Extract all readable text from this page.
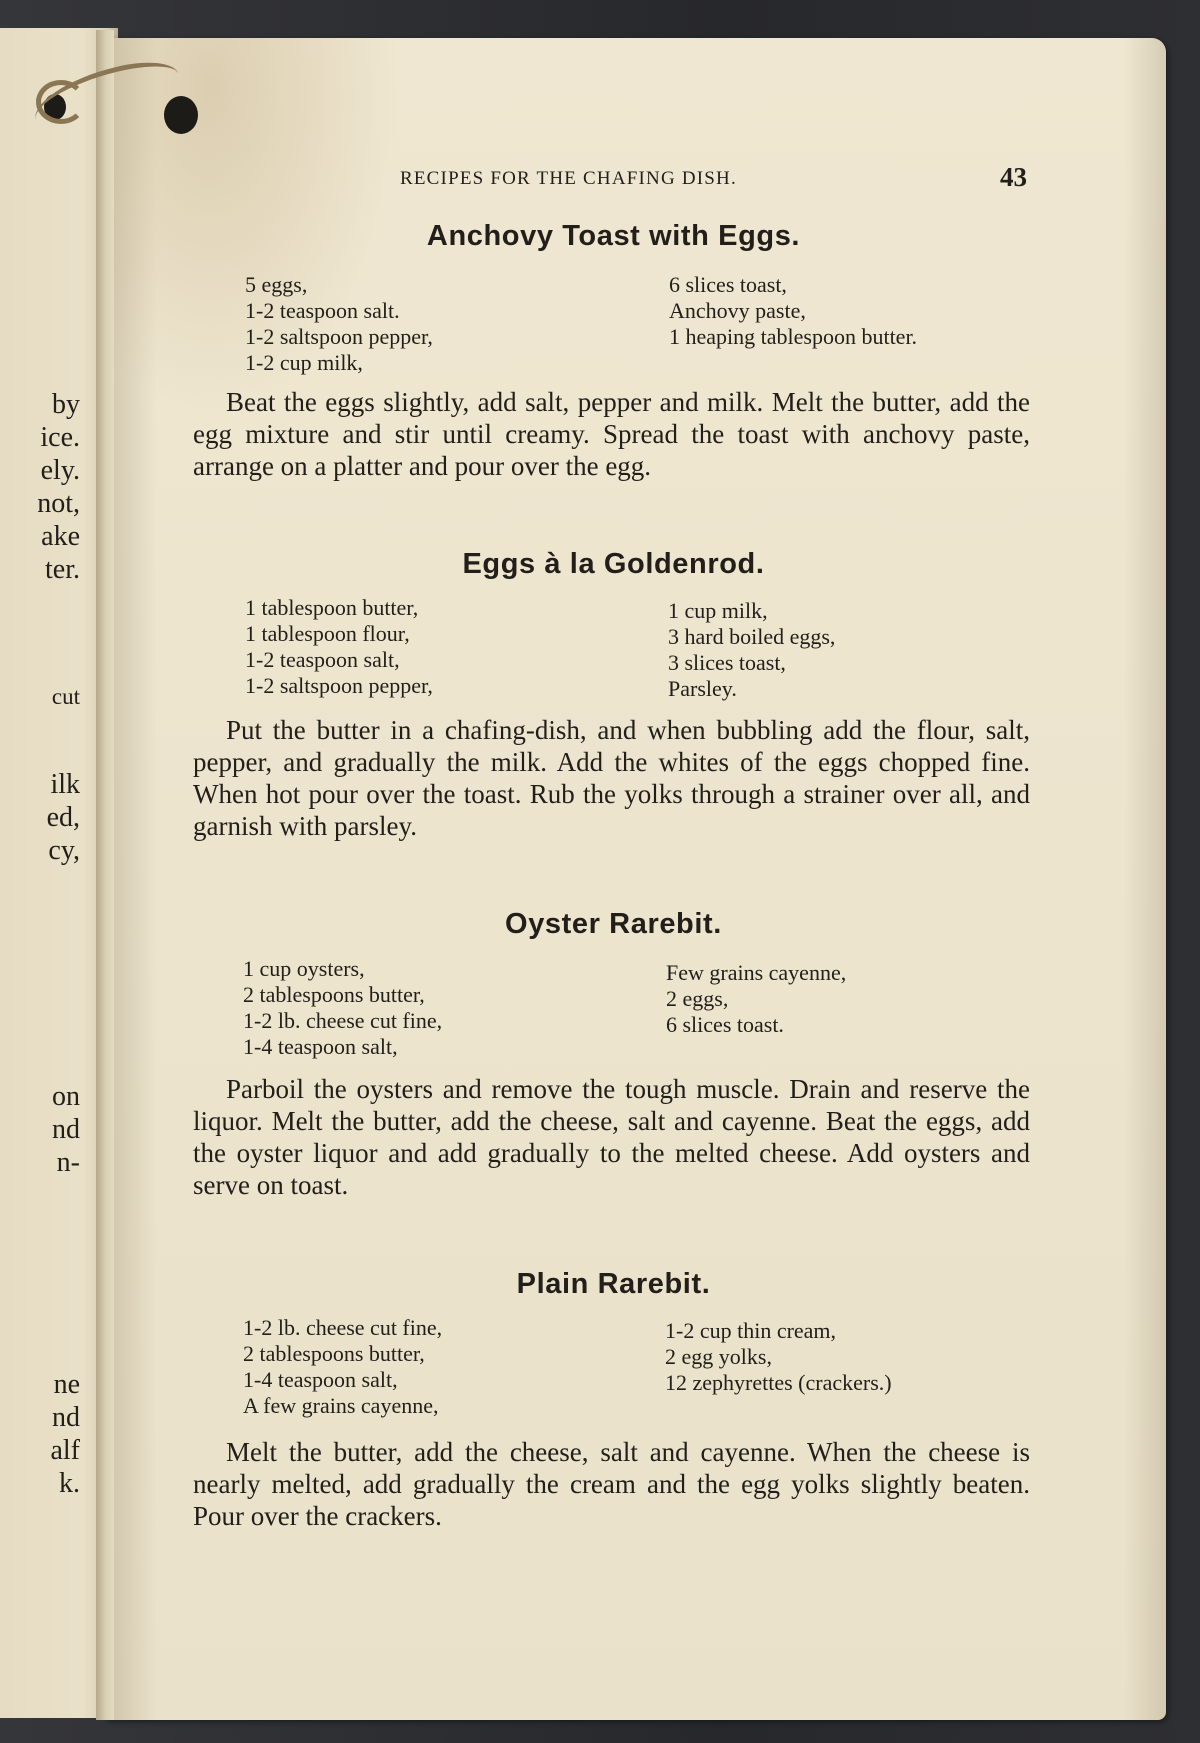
by
ice.
ely.
not,
ake
ter.
cut
ilk
ed,
cy,
on
nd
n-
ne
nd
alf
k.
RECIPES FOR THE CHAFING DISH.	43
Anchovy Toast with Eggs.
5 eggs,
1-2 teaspoon salt.
1-2 saltspoon pepper,
1-2 cup milk,
6 slices toast,
Anchovy paste,
1 heaping tablespoon butter.

Beat the eggs slightly, add salt, pepper and milk. Melt the butter, add the egg mixture and stir until creamy. Spread the toast with anchovy paste, arrange on a platter and pour over the egg.

Eggs à la Goldenrod.
1 tablespoon butter,
1 tablespoon flour,
1-2 teaspoon salt,
1-2 saltspoon pepper,
1 cup milk,
3 hard boiled eggs,
3 slices toast,
Parsley.

Put the butter in a chafing-dish, and when bubbling add the flour, salt, pepper, and gradually the milk. Add the whites of the eggs chopped fine. When hot pour over the toast. Rub the yolks through a strainer over all, and garnish with parsley.

Oyster Rarebit.
1 cup oysters,
2 tablespoons butter,
1-2 lb. cheese cut fine,
1-4 teaspoon salt,
Few grains cayenne,
2 eggs,
6 slices toast.

Parboil the oysters and remove the tough muscle. Drain and reserve the liquor. Melt the butter, add the cheese, salt and cayenne. Beat the eggs, add the oyster liquor and add gradually to the melted cheese. Add oysters and serve on toast.

Plain Rarebit.
1-2 lb. cheese cut fine,
2 tablespoons butter,
1-4 teaspoon salt,
A few grains cayenne,
1-2 cup thin cream,
2 egg yolks,
12 zephyrettes (crackers.)

Melt the butter, add the cheese, salt and cayenne. When the cheese is nearly melted, add gradually the cream and the egg yolks slightly beaten. Pour over the crackers.
